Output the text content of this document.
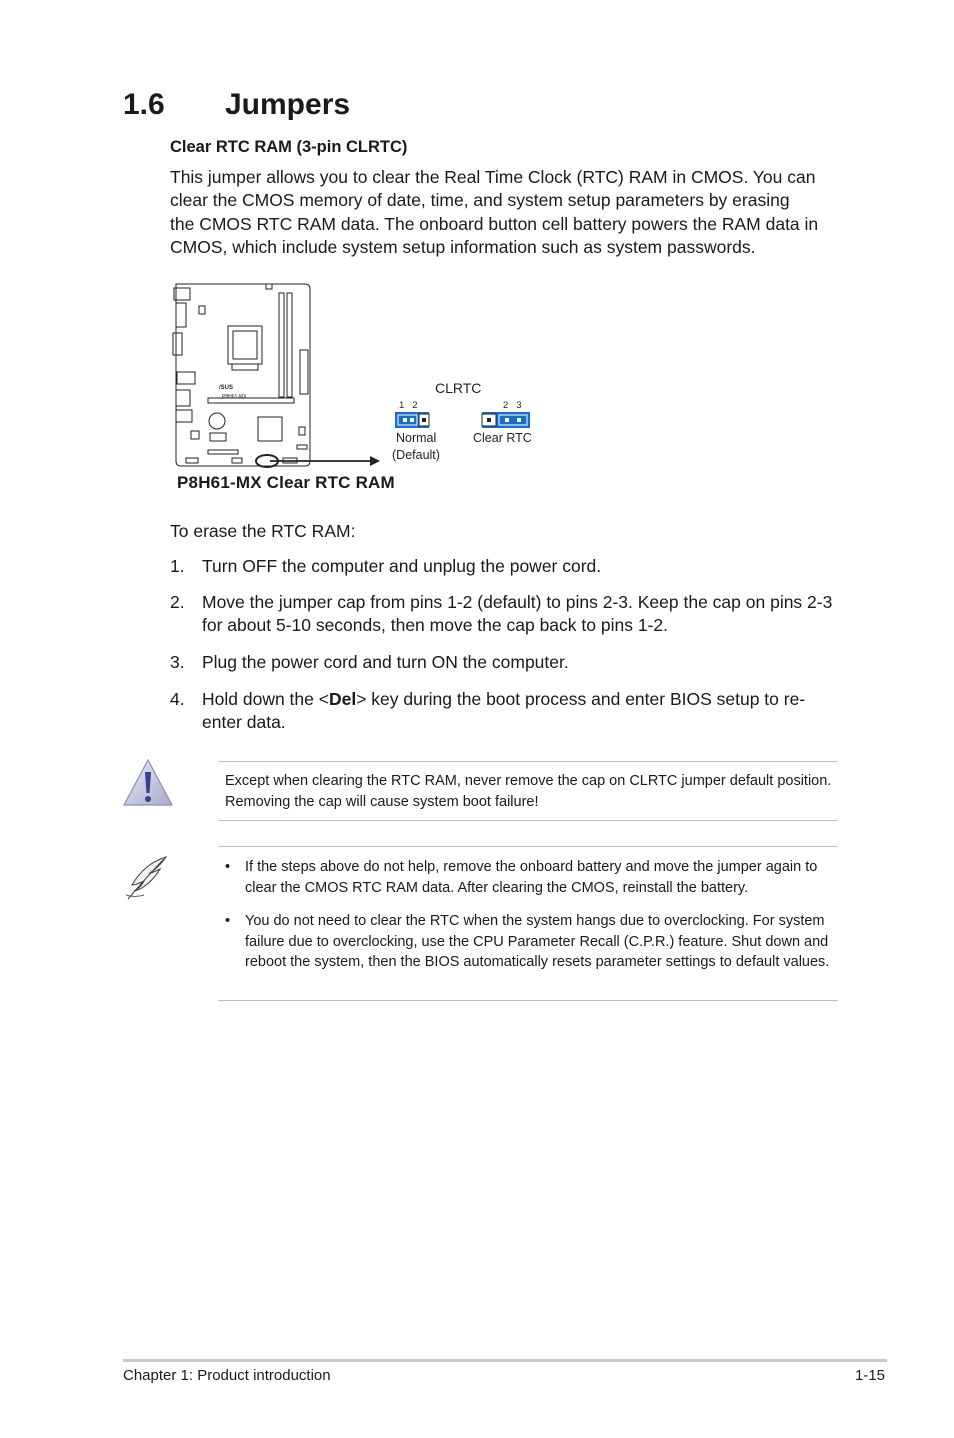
1.6 Jumpers
Clear RTC RAM (3-pin CLRTC)

This jumper allows you to clear the Real Time Clock (RTC) RAM in CMOS. You can

clear the CMOS memory of date, time, and system setup parameters by erasing

the CMOS RTC RAM data. The onboard button cell battery powers the RAM data in

CMOS, which include system setup information such as system passwords.

/SUS
P8H61-MX
CLRTC
1   2	2   3
Normal
(Default)
Clear RTC
P8H61-MX Clear RTC RAM
To erase the RTC RAM:
1. Turn OFF the computer and unplug the power cord.
2. Move the jumper cap from pins 1-2 (default) to pins 2-3. Keep the cap on pins 2-3 for about 5-10 seconds, then move the cap back to pins 1-2.
3. Plug the power cord and turn ON the computer.
4. Hold down the <Del> key during the boot process and enter BIOS setup to re-enter data.
Except when clearing the RTC RAM, never remove the cap on CLRTC jumper default position. Removing the cap will cause system boot failure!
• If the steps above do not help, remove the onboard battery and move the jumper again to clear the CMOS RTC RAM data. After clearing the CMOS, reinstall the battery.
• You do not need to clear the RTC when the system hangs due to overclocking. For system failure due to overclocking, use the CPU Parameter Recall (C.P.R.) feature. Shut down and reboot the system, then the BIOS automatically resets parameter settings to default values.
Chapter 1: Product introduction	1-15
